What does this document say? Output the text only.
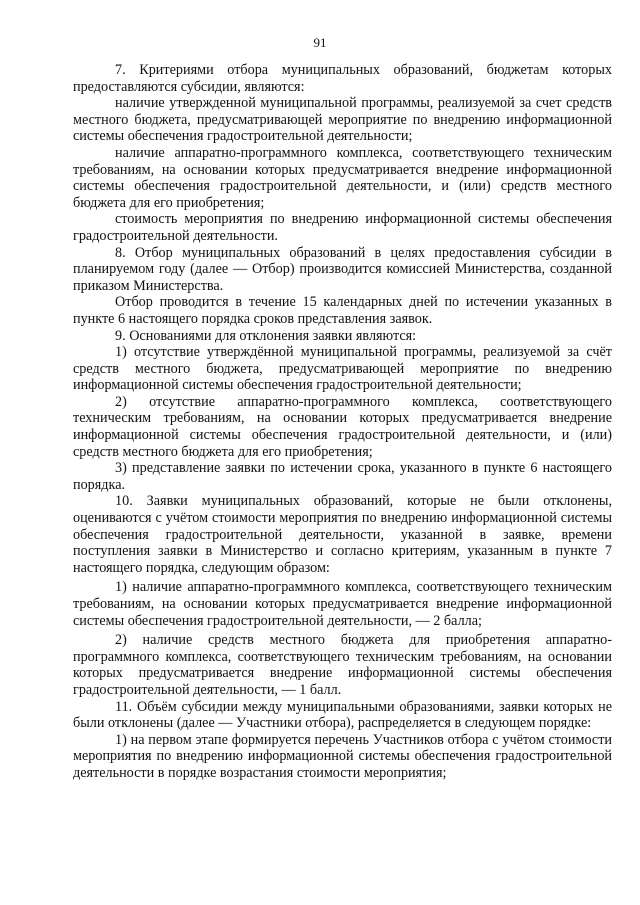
91

7. Критериями отбора муниципальных образований, бюджетам которых предоставляются субсидии, являются:

наличие утвержденной муниципальной программы, реализуемой за счет средств местного бюджета, предусматривающей мероприятие по внедрению информационной системы обеспечения градостроительной деятельности;

наличие аппаратно-программного комплекса, соответствующего техническим требованиям, на основании которых предусматривается внедрение информационной системы обеспечения градостроительной деятельности, и (или) средств местного бюджета для его приобретения;

стоимость мероприятия по внедрению информационной системы обеспечения градостроительной деятельности.

8. Отбор муниципальных образований в целях предоставления субсидии в планируемом году (далее — Отбор) производится комиссией Министерства, созданной приказом Министерства.

Отбор проводится в течение 15 календарных дней по истечении указанных в пункте 6 настоящего порядка сроков представления заявок.

9. Основаниями для отклонения заявки являются:

1) отсутствие утверждённой муниципальной программы, реализуемой за счёт средств местного бюджета, предусматривающей мероприятие по внедрению информационной системы обеспечения градостроительной деятельности;

2) отсутствие аппаратно-программного комплекса, соответствующего техническим требованиям, на основании которых предусматривается внедрение информационной системы обеспечения градостроительной деятельности, и (или) средств местного бюджета для его приобретения;

3) представление заявки по истечении срока, указанного в пункте 6 настоящего порядка.

10. Заявки муниципальных образований, которые не были отклонены, оцениваются с учётом стоимости мероприятия по внедрению информационной системы обеспечения градостроительной деятельности, указанной в заявке, времени поступления заявки в Министерство и согласно критериям, указанным в пункте 7 настоящего порядка, следующим образом:

1) наличие аппаратно-программного комплекса, соответствующего техническим требованиям, на основании которых предусматривается внедрение информационной системы обеспечения градостроительной деятельности, — 2 балла;

2) наличие средств местного бюджета для приобретения аппаратно-программного комплекса, соответствующего техническим требованиям, на основании которых предусматривается внедрение информационной системы обеспечения градостроительной деятельности, — 1 балл.

11. Объём субсидии между муниципальными образованиями, заявки которых не были отклонены (далее — Участники отбора), распределяется в следующем порядке:

1) на первом этапе формируется перечень Участников отбора с учётом стоимости мероприятия по внедрению информационной системы обеспечения градостроительной деятельности в порядке возрастания стоимости мероприятия;
